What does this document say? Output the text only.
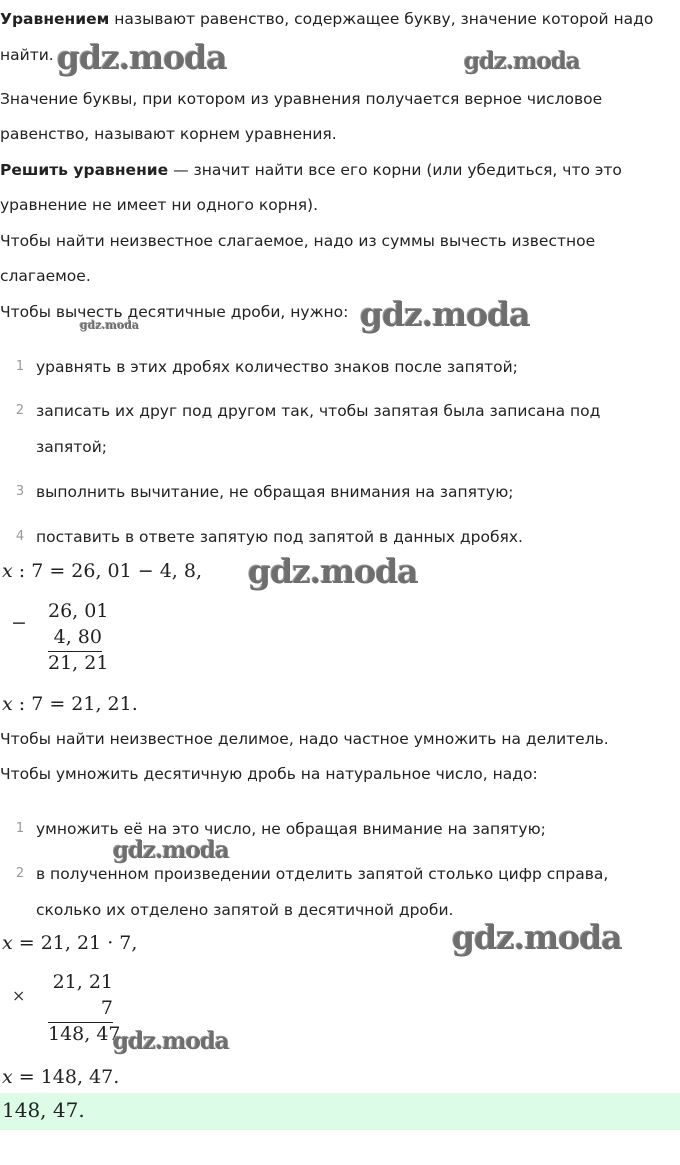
Уравнением называют равенство, содержащее букву, значение которой надо

найти. gdz.moda	gdz.moda

Значение буквы, при котором из уравнения получается верное числовое

равенство, называют корнем уравнения.

Решить уравнение — значит найти все его корни (или убедиться, что это

уравнение не имеет ни одного корня).

Чтобы найти неизвестное слагаемое, надо из суммы вычесть известное

слагаемое.

Чтобы вычесть десятичные дроби, нужно: gdz.moda
gdz.moda
1 уравнять в этих дробях количество знаков после запятой;
2 записать их друг под другом так, чтобы запятая была записана под
запятой;
3 выполнить вычитание, не обращая внимания на запятую;
4 поставить в ответе запятую под запятой в данных дробях.
x : 7 = 26, 01 − 4, 8, gdz.moda
−
26, 01
4, 80
21, 21
x : 7 = 21, 21.

Чтобы найти неизвестное делимое, надо частное умножить на делитель.

Чтобы умножить десятичную дробь на натуральное число, надо:

1 умножить её на это число, не обращая внимание на запятую;
gdz.moda
2 в полученном произведении отделить запятой столько цифр справа,
сколько их отделено запятой в десятичной дроби.
x = 21, 21 · 7,	gdz.moda
×
21, 21
7
148, 47
gdz.moda
x = 148, 47.
148, 47.
